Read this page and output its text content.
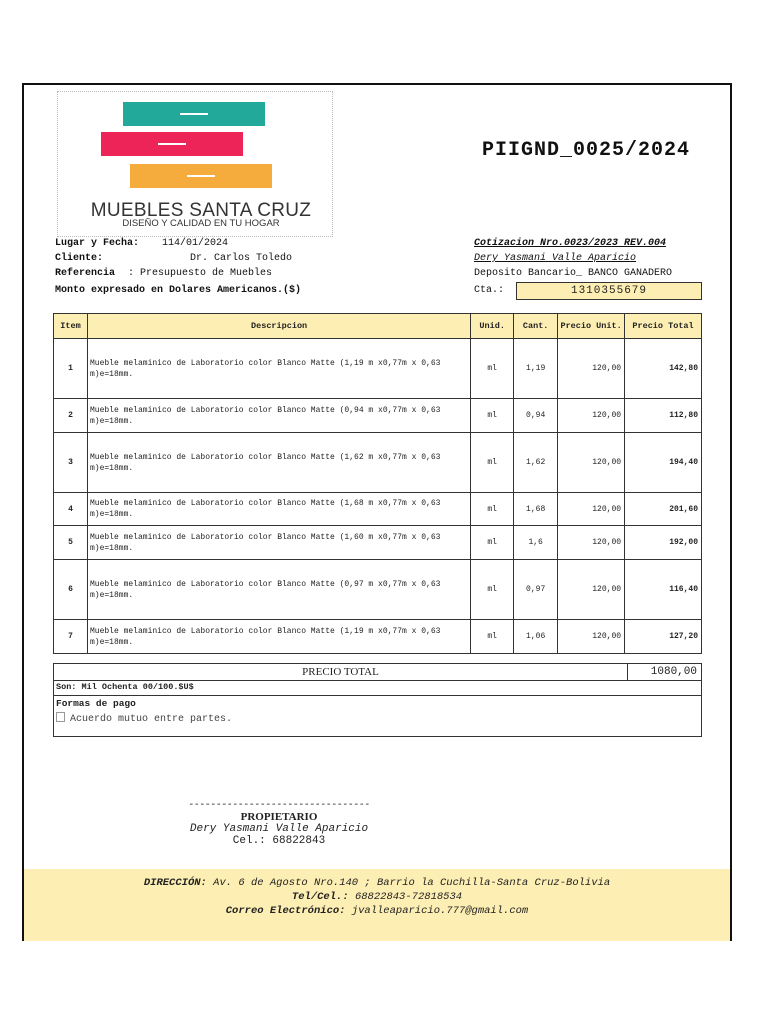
MUEBLES SANTA CRUZ
DISEÑO Y CALIDAD EN TU HOGAR
PIIGND_0025/2024
Lugar y Fecha: 114/01/2024
Cliente:	Dr. Carlos Toledo
Referencia : Presupuesto de Muebles
Monto expresado en Dolares Americanos.($)
Cotizacion Nro.0023/2023 REV.004
Dery Yasmani Valle Aparicio
Deposito Bancario_ BANCO GANADERO
Cta.:	1310355679
Item	Descripcion	Unid.	Cant.	Precio Unit.	Precio Total
1	Mueble melaminico de Laboratorio color Blanco Matte (1,19 m x0,77m x 0,63 m)e=18mm.	ml	1,19	120,00	142,80
2	Mueble melaminico de Laboratorio color Blanco Matte (0,94 m x0,77m x 0,63 m)e=18mm.	ml	0,94	120,00	112,80
3	Mueble melaminico de Laboratorio color Blanco Matte (1,62 m x0,77m x 0,63 m)e=18mm.	ml	1,62	120,00	194,40
4	Mueble melaminico de Laboratorio color Blanco Matte (1,68 m x0,77m x 0,63 m)e=18mm.	ml	1,68	120,00	201,60
5	Mueble melaminico de Laboratorio color Blanco Matte (1,60 m x0,77m x 0,63 m)e=18mm.	ml	1,6	120,00	192,00
6	Mueble melaminico de Laboratorio color Blanco Matte (0,97 m x0,77m x 0,63 m)e=18mm.	ml	0,97	120,00	116,40
7	Mueble melaminico de Laboratorio color Blanco Matte (1,19 m x0,77m x 0,63 m)e=18mm.	ml	1,06	120,00	127,20
PRECIO TOTAL	1080,00
Son: Mil Ochenta 00/100.$U$
Formas de pago
Acuerdo mutuo entre partes.
---------------------------------
PROPIETARIO
Dery Yasmani Valle Aparicio
Cel.: 68822843
DIRECCIÓN: Av. 6 de Agosto Nro.140 ; Barrio la Cuchilla-Santa Cruz-Bolivia
Tel/Cel.: 68822843-72818534
Correo Electrónico: jvalleaparicio.777@gmail.com
